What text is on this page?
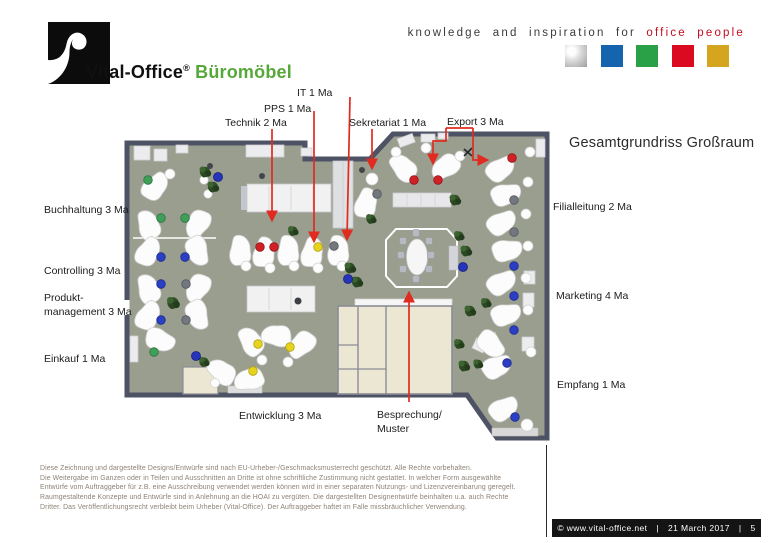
Vital-Office® Büromöbel
knowledge and inspiration for office people
Gesamtgrundriss Großraum
IT 1 Ma
PPS 1 Ma
Technik 2 Ma	Sekretariat 1 Ma Export 3 Ma
Buchhaltung 3 Ma
Controlling 3 Ma
Produkt-
management 3 Ma
Einkauf 1 Ma
Filialleitung 2 Ma
Marketing 4 Ma
Empfang 1 Ma
Entwicklung 3 Ma	Besprechung/
Muster
Diese Zeichnung und dargestellte Designs/Entwürfe sind nach EU-Urheber-/Geschmacksmusterrecht geschützt. Alle Rechte vorbehalten.
Die Weitergabe im Ganzen oder in Teilen und Ausschnitten an Dritte ist ohne schriftliche Zustimmung nicht gestattet. In welcher Form ausgewählte
Entwürfe vom Auftraggeber für z.B. eine Ausschreibung verwendet werden können wird in einer separaten Nutzungs- und Lizenzvereinbarung geregelt.
Raumgestaltende Konzepte und Entwürfe sind in Anlehnung an die HOAI zu vergüten. Die dargestellten Designentwürfe beinhalten u.a. auch Rechte
Dritter. Das Veröffentlichungsrecht verbleibt beim Urheber (Vital-Office). Der Auftraggeber haftet im Falle missbräuchlicher Verwendung.
© www.vital-office.net | 21 March 2017 | 5
